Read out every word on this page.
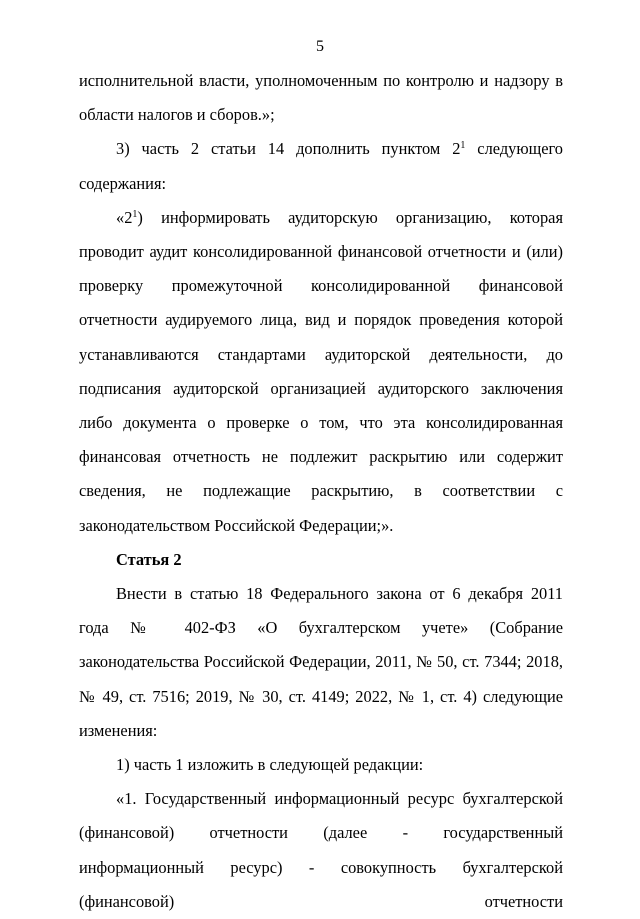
5

исполнительной власти, уполномоченным по контролю и надзору в области налогов и сборов.»;

3) часть 2 статьи 14 дополнить пунктом $2^1$ следующего содержания:

«$2^1$) информировать аудиторскую организацию, которая проводит аудит консолидированной финансовой отчетности и (или) проверку промежуточной консолидированной финансовой отчетности аудируемого лица, вид и порядок проведения которой устанавливаются стандартами аудиторской деятельности, до подписания аудиторской организацией аудиторского заключения либо документа о проверке о том, что эта консолидированная финансовая отчетность не подлежит раскрытию или содержит сведения, не подлежащие раскрытию, в соответствии с законодательством Российской Федерации;».

Статья 2

Внести в статью 18 Федерального закона от 6 декабря 2011 года № 402-ФЗ «О бухгалтерском учете» (Собрание законодательства Российской Федерации, 2011, № 50, ст. 7344; 2018, № 49, ст. 7516; 2019, № 30, ст. 4149; 2022, № 1, ст. 4) следующие изменения:

1) часть 1 изложить в следующей редакции:

«1. Государственный информационный ресурс бухгалтерской (финансовой) отчетности (далее - государственный информационный ресурс) - совокупность бухгалтерской (финансовой) отчетности
